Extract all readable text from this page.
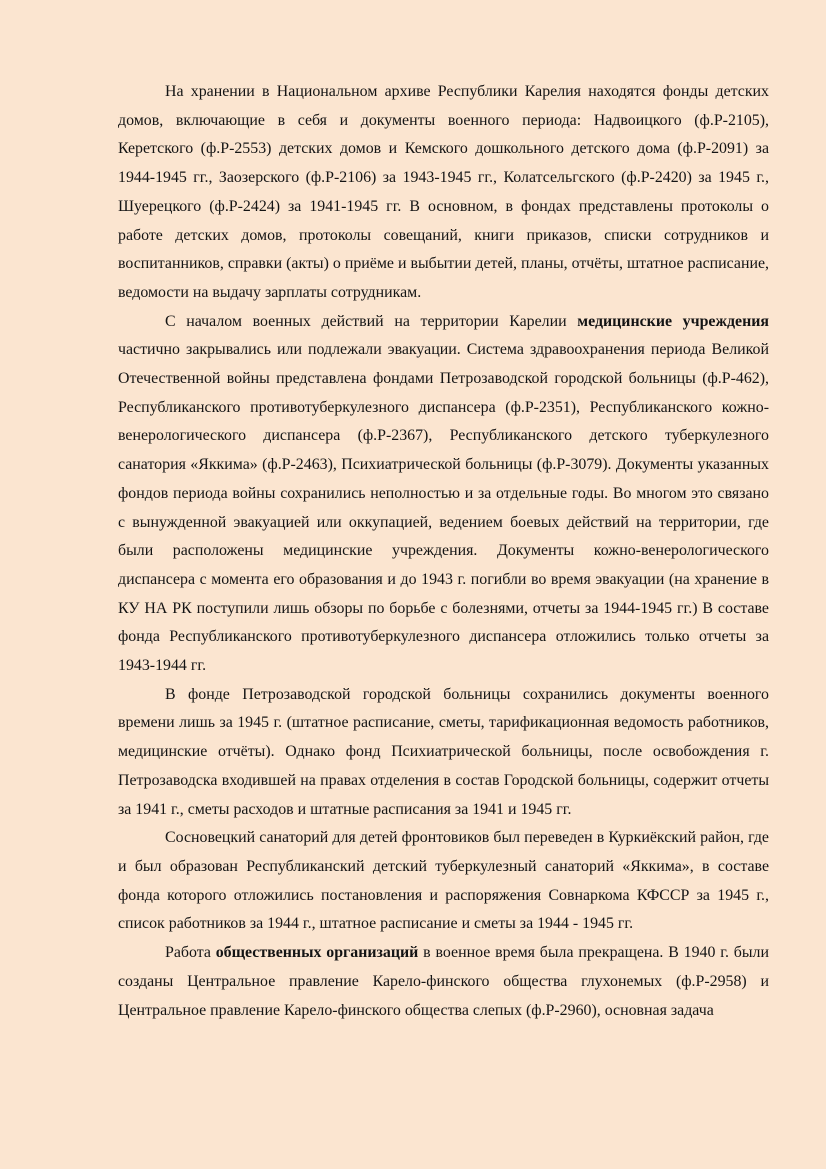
На хранении в Национальном архиве Республики Карелия находятся фонды детских домов, включающие в себя и документы военного периода: Надвоицкого (ф.Р-2105), Керетского (ф.Р-2553) детских домов и Кемского дошкольного детского дома (ф.Р-2091) за 1944-1945 гг., Заозерского (ф.Р-2106) за 1943-1945 гг., Колатсельгского (ф.Р-2420) за 1945 г., Шуерецкого (ф.Р-2424) за 1941-1945 гг. В основном, в фондах представлены протоколы о работе детских домов, протоколы совещаний, книги приказов, списки сотрудников и воспитанников, справки (акты) о приёме и выбытии детей, планы, отчёты, штатное расписание, ведомости на выдачу зарплаты сотрудникам.

С началом военных действий на территории Карелии медицинские учреждения частично закрывались или подлежали эвакуации. Система здравоохранения периода Великой Отечественной войны представлена фондами Петрозаводской городской больницы (ф.Р-462), Республиканского противотуберкулезного диспансера (ф.Р-2351), Республиканского кожно-венерологического диспансера (ф.Р-2367), Республиканского детского туберкулезного санатория «Яккима» (ф.Р-2463), Психиатрической больницы (ф.Р-3079). Документы указанных фондов периода войны сохранились неполностью и за отдельные годы. Во многом это связано с вынужденной эвакуацией или оккупацией, ведением боевых действий на территории, где были расположены медицинские учреждения. Документы кожно-венерологического диспансера с момента его образования и до 1943 г. погибли во время эвакуации (на хранение в КУ НА РК поступили лишь обзоры по борьбе с болезнями, отчеты за 1944-1945 гг.) В составе фонда Республиканского противотуберкулезного диспансера отложились только отчеты за 1943-1944 гг.

В фонде Петрозаводской городской больницы сохранились документы военного времени лишь за 1945 г. (штатное расписание, сметы, тарификационная ведомость работников, медицинские отчёты). Однако фонд Психиатрической больницы, после освобождения г. Петрозаводска входившей на правах отделения в состав Городской больницы, содержит отчеты за 1941 г., сметы расходов и штатные расписания за 1941 и 1945 гг.

Сосновецкий санаторий для детей фронтовиков был переведен в Куркиёкский район, где и был образован Республиканский детский туберкулезный санаторий «Яккима», в составе фонда которого отложились постановления и распоряжения Совнаркома КФССР за 1945 г., список работников за 1944 г., штатное расписание и сметы за 1944 - 1945 гг.

Работа общественных организаций в военное время была прекращена. В 1940 г. были созданы Центральное правление Карело-финского общества глухонемых (ф.Р-2958) и Центральное правление Карело-финского общества слепых (ф.Р-2960), основная задача
